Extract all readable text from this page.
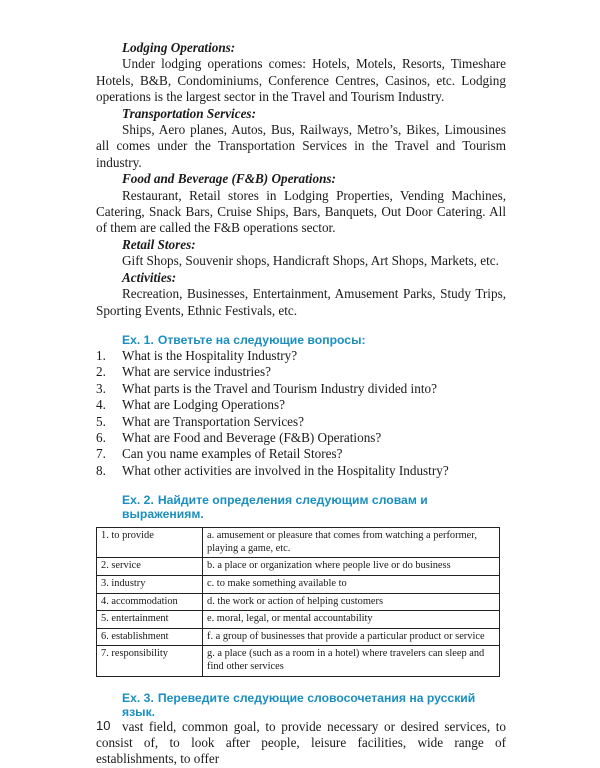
Lodging Operations:

Under lodging operations comes: Hotels, Motels, Resorts, Timeshare Hotels, B&B, Condominiums, Conference Centres, Casinos, etc. Lodging operations is the largest sector in the Travel and Tourism Industry.

Transportation Services:

Ships, Aero planes, Autos, Bus, Railways, Metro’s, Bikes, Limousines all comes under the Transportation Services in the Travel and Tourism industry.

Food and Beverage (F&B) Operations:

Restaurant, Retail stores in Lodging Properties, Vending Machines, Catering, Snack Bars, Cruise Ships, Bars, Banquets, Out Door Catering. All of them are called the F&B operations sector.

Retail Stores:

Gift Shops, Souvenir shops, Handicraft Shops, Art Shops, Markets, etc.

Activities:

Recreation, Businesses, Entertainment, Amusement Parks, Study Trips, Sporting Events, Ethnic Festivals, etc.

Ex. 1. Ответьте на следующие вопросы:

1.	What is the Hospitality Industry?
2.	What are service industries?
3.	What parts is the Travel and Tourism Industry divided into?
4.	What are Lodging Operations?
5.	What are Transportation Services?
6.	What are Food and Beverage (F&B) Operations?
7.	Can you name examples of Retail Stores?
8.	What other activities are involved in the Hospitality Industry?

Ex. 2. Найдите определения следующим словам и выражениям.

1. to provide	a. amusement or pleasure that comes from watching a performer, playing a game, etc.
2. service	b. a place or organization where people live or do business
3. industry	c. to make something available to
4. accommodation	d. the work or action of helping customers
5. entertainment	e. moral, legal, or mental accountability
6. establishment	f. a group of businesses that provide a particular product or service
7. responsibility	g. a place (such as a room in a hotel) where travelers can sleep and find other services

Ex. 3. Переведите следующие словосочетания на русский язык.

vast field, common goal, to provide necessary or desired services, to consist of, to look after people, leisure facilities, wide range of establishments, to offer

10
